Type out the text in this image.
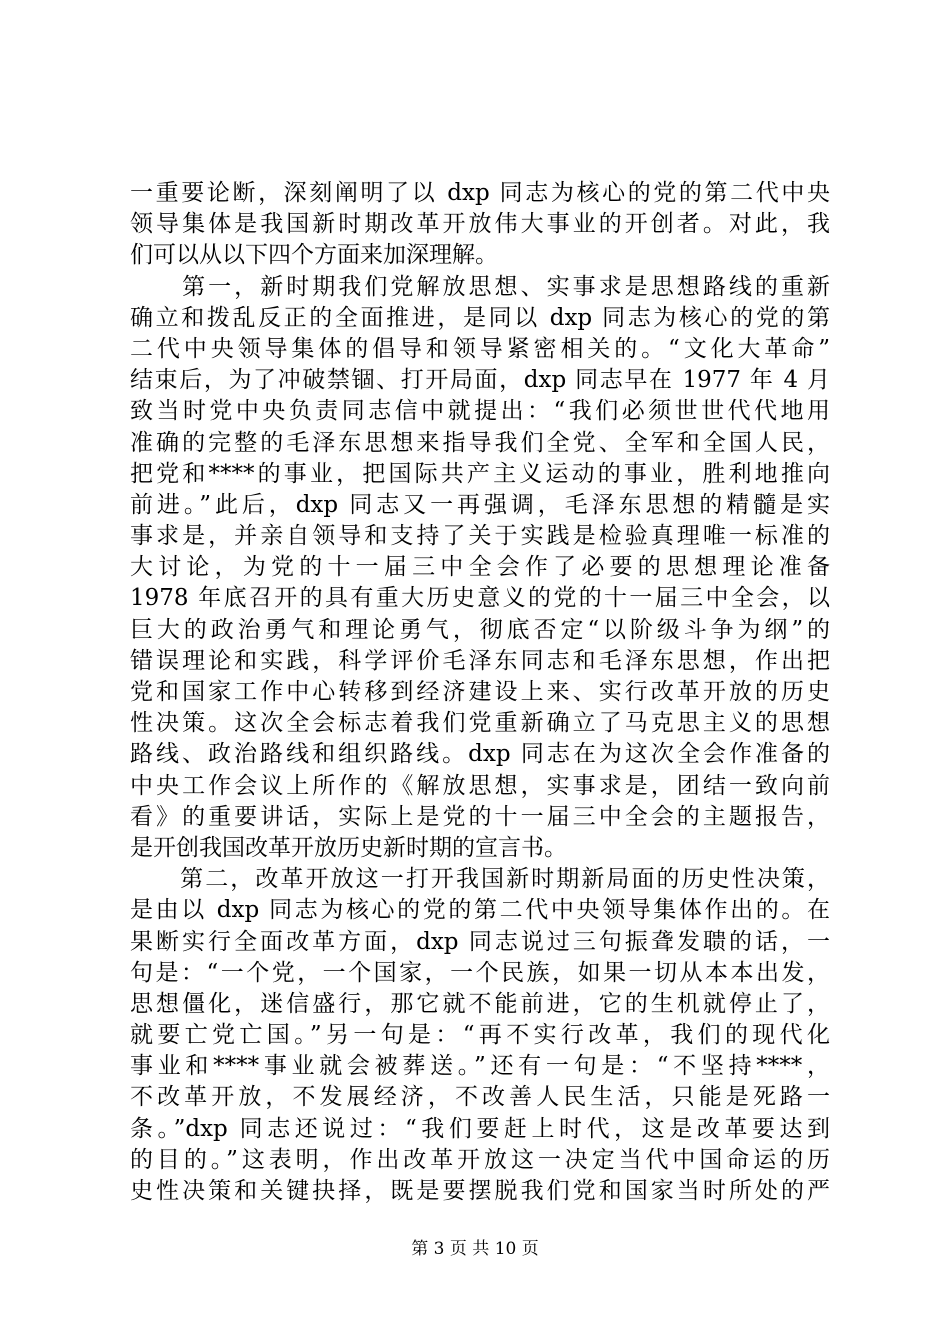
一重要论断，深刻阐明了以 dxp 同志为核心的党的第二代中央
领导集体是我国新时期改革开放伟大事业的开创者。对此，我
们可以从以下四个方面来加深理解。
　　第一，新时期我们党解放思想、实事求是思想路线的重新
确立和拨乱反正的全面推进，是同以 dxp 同志为核心的党的第
二代中央领导集体的倡导和领导紧密相关的。“文化大革命”
结束后，为了冲破禁锢、打开局面，dxp 同志早在 1977 年 4 月
致当时党中央负责同志信中就提出：“我们必须世世代代地用
准确的完整的毛泽东思想来指导我们全党、全军和全国人民，
把党和****的事业，把国际共产主义运动的事业，胜利地推向
前进。”此后，dxp 同志又一再强调，毛泽东思想的精髓是实
事求是，并亲自领导和支持了关于实践是检验真理唯一标准的
大讨论，为党的十一届三中全会作了必要的思想理论准备
1978 年底召开的具有重大历史意义的党的十一届三中全会，以
巨大的政治勇气和理论勇气，彻底否定“以阶级斗争为纲”的
错误理论和实践，科学评价毛泽东同志和毛泽东思想，作出把
党和国家工作中心转移到经济建设上来、实行改革开放的历史
性决策。这次全会标志着我们党重新确立了马克思主义的思想
路线、政治路线和组织路线。dxp 同志在为这次全会作准备的
中央工作会议上所作的《解放思想，实事求是，团结一致向前
看》的重要讲话，实际上是党的十一届三中全会的主题报告，
是开创我国改革开放历史新时期的宣言书。
　　第二，改革开放这一打开我国新时期新局面的历史性决策，
是由以 dxp 同志为核心的党的第二代中央领导集体作出的。在
果断实行全面改革方面，dxp 同志说过三句振聋发聩的话，一
句是：“一个党，一个国家，一个民族，如果一切从本本出发，
思想僵化，迷信盛行，那它就不能前进，它的生机就停止了，
就要亡党亡国。”另一句是：“再不实行改革，我们的现代化
事业和****事业就会被葬送。”还有一句是：“不坚持****，
不改革开放，不发展经济，不改善人民生活，只能是死路一
条。”dxp 同志还说过：“我们要赶上时代，这是改革要达到
的目的。”这表明，作出改革开放这一决定当代中国命运的历
史性决策和关键抉择，既是要摆脱我们党和国家当时所处的严
第 3 页 共 10 页
